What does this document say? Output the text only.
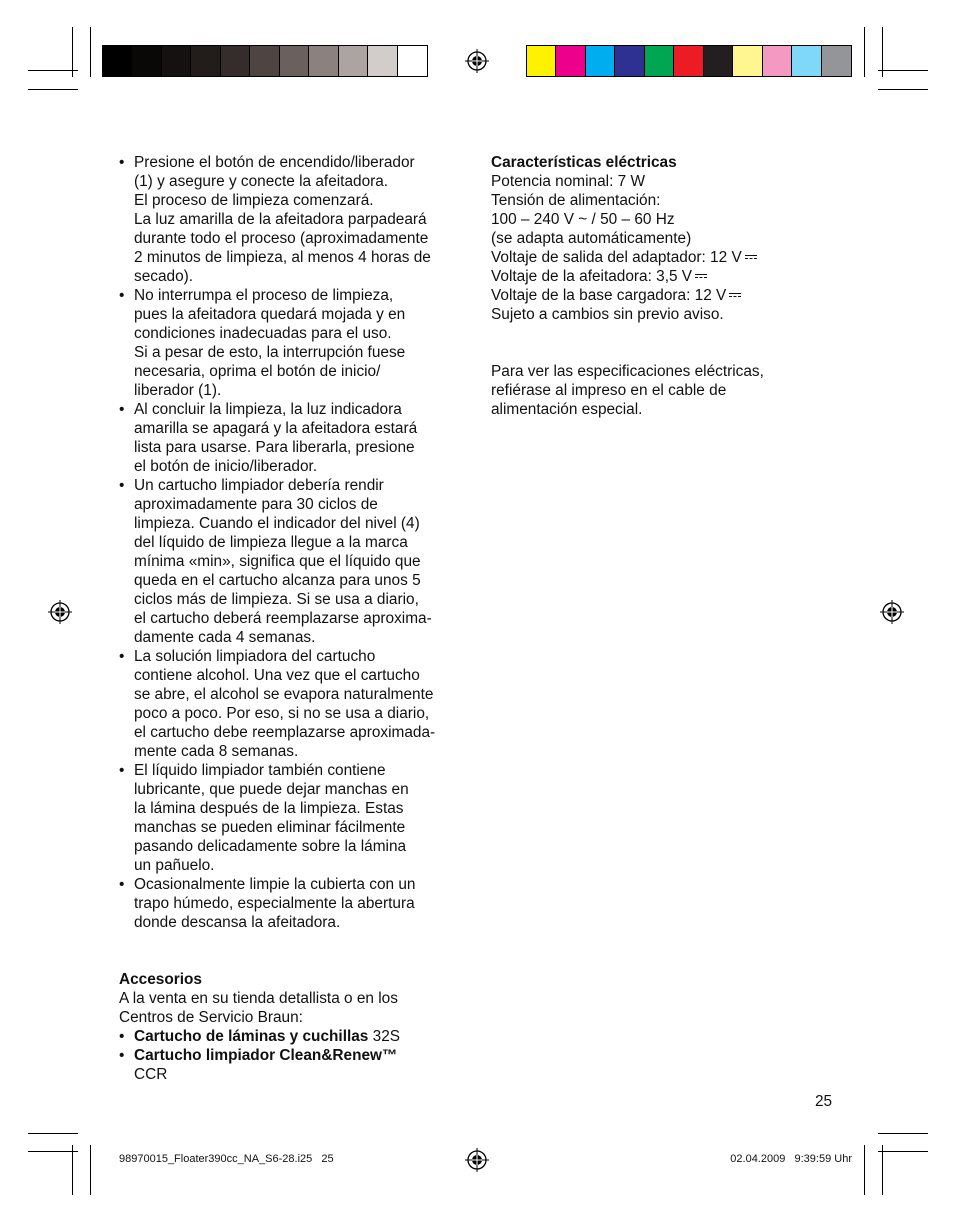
• Presione el botón de encendido/liberador
(1) y asegure y conecte la afeitadora.
El proceso de limpieza comenzará.
La luz amarilla de la afeitadora parpadeará
durante todo el proceso (aproximadamente
2 minutos de limpieza, al menos 4 horas de
secado).
• No interrumpa el proceso de limpieza,
pues la afeitadora quedará mojada y en
condiciones inadecuadas para el uso.
Si a pesar de esto, la interrupción fuese
necesaria, oprima el botón de inicio/
liberador (1).
• Al concluir la limpieza, la luz indicadora
amarilla se apagará y la afeitadora estará
lista para usarse. Para liberarla, presione
el botón de inicio/liberador.
• Un cartucho limpiador debería rendir
aproximadamente para 30 ciclos de
limpieza. Cuando el indicador del nivel (4)
del líquido de limpieza llegue a la marca
mínima «min», significa que el líquido que
queda en el cartucho alcanza para unos 5
ciclos más de limpieza. Si se usa a diario,
el cartucho deberá reemplazarse aproxima-
damente cada 4 semanas.
• La solución limpiadora del cartucho
contiene alcohol. Una vez que el cartucho
se abre, el alcohol se evapora naturalmente
poco a poco. Por eso, si no se usa a diario,
el cartucho debe reemplazarse aproximada-
mente cada 8 semanas.
• El líquido limpiador también contiene
lubricante, que puede dejar manchas en
la lámina después de la limpieza. Estas
manchas se pueden eliminar fácilmente
pasando delicadamente sobre la lámina
un pañuelo.
• Ocasionalmente limpie la cubierta con un
trapo húmedo, especialmente la abertura
donde descansa la afeitadora.

Accesorios

A la venta en su tienda detallista o en los
Centros de Servicio Braun:

• Cartucho de láminas y cuchillas 32S
• Cartucho limpiador Clean&Renew™
CCR

Características eléctricas

Potencia nominal: 7 W

Tensión de alimentación:

100 – 240 V ~ / 50 – 60 Hz

(se adapta automáticamente)

Voltaje de salida del adaptador: 12 V

Voltaje de la afeitadora: 3,5 V

Voltaje de la base cargadora: 12 V

Sujeto a cambios sin previo aviso.

Para ver las especificaciones eléctricas,
refiérase al impreso en el cable de
alimentación especial.

25
98970015_Floater390cc_NA_S6-28.i25   25	02.04.2009   9:39:59 Uhr
